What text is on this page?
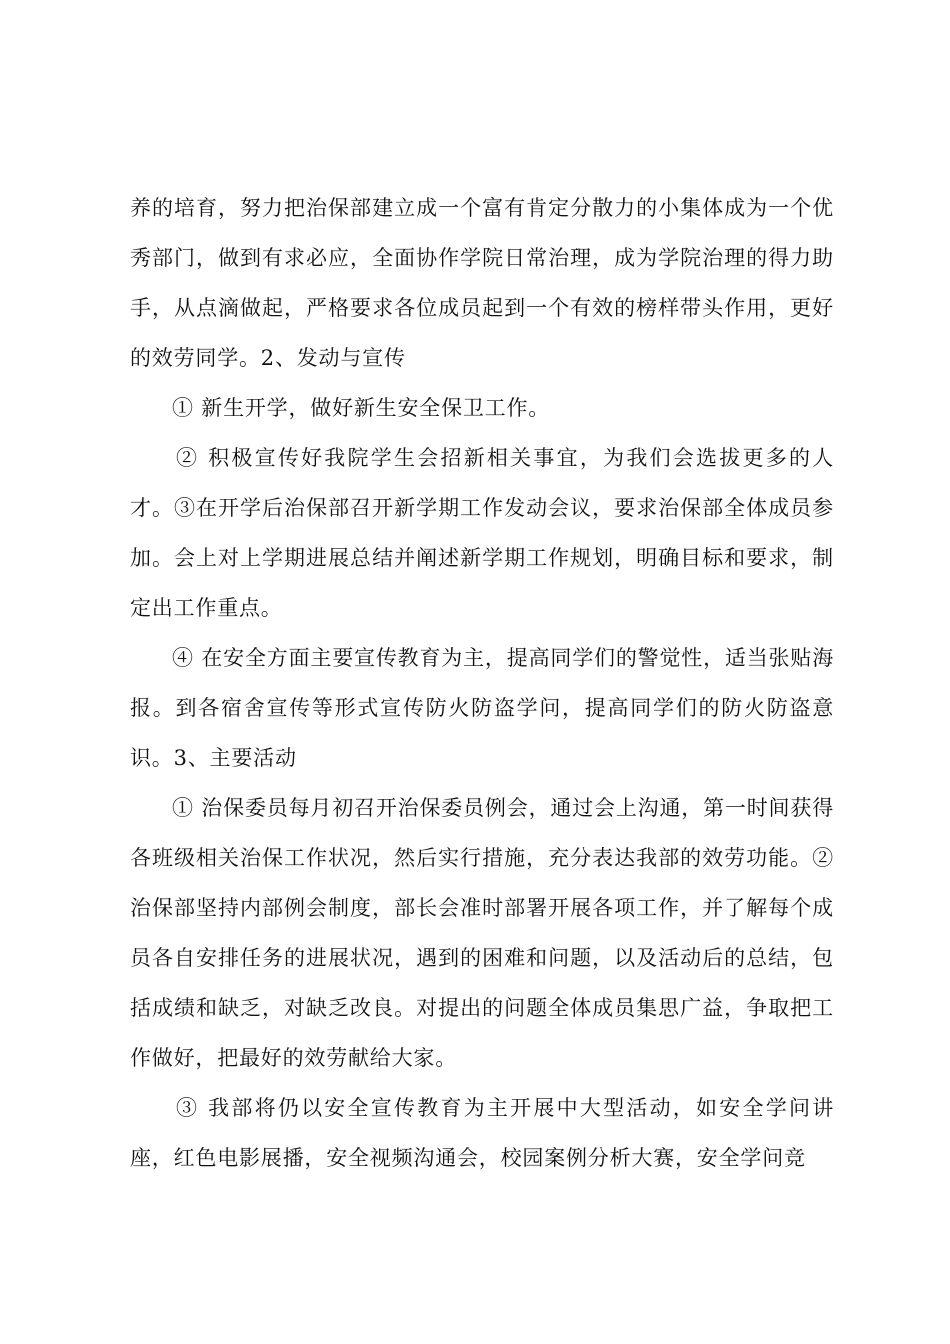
养的培育，努力把治保部建立成一个富有肯定分散力的小集体成为一个优秀部门，做到有求必应，全面协作学院日常治理，成为学院治理的得力助手，从点滴做起，严格要求各位成员起到一个有效的榜样带头作用，更好的效劳同学。2、发动与宣传

① 新生开学，做好新生安全保卫工作。

② 积极宣传好我院学生会招新相关事宜，为我们会选拔更多的人才。③在开学后治保部召开新学期工作发动会议，要求治保部全体成员参加。会上对上学期进展总结并阐述新学期工作规划，明确目标和要求，制定出工作重点。

④ 在安全方面主要宣传教育为主，提高同学们的警觉性，适当张贴海报。到各宿舍宣传等形式宣传防火防盗学问，提高同学们的防火防盗意识。3、主要活动

① 治保委员每月初召开治保委员例会，通过会上沟通，第一时间获得各班级相关治保工作状况，然后实行措施，充分表达我部的效劳功能。②治保部坚持内部例会制度，部长会准时部署开展各项工作，并了解每个成员各自安排任务的进展状况，遇到的困难和问题，以及活动后的总结，包括成绩和缺乏，对缺乏改良。对提出的问题全体成员集思广益，争取把工作做好，把最好的效劳献给大家。

③ 我部将仍以安全宣传教育为主开展中大型活动，如安全学问讲座，红色电影展播，安全视频沟通会，校园案例分析大赛，安全学问竞
